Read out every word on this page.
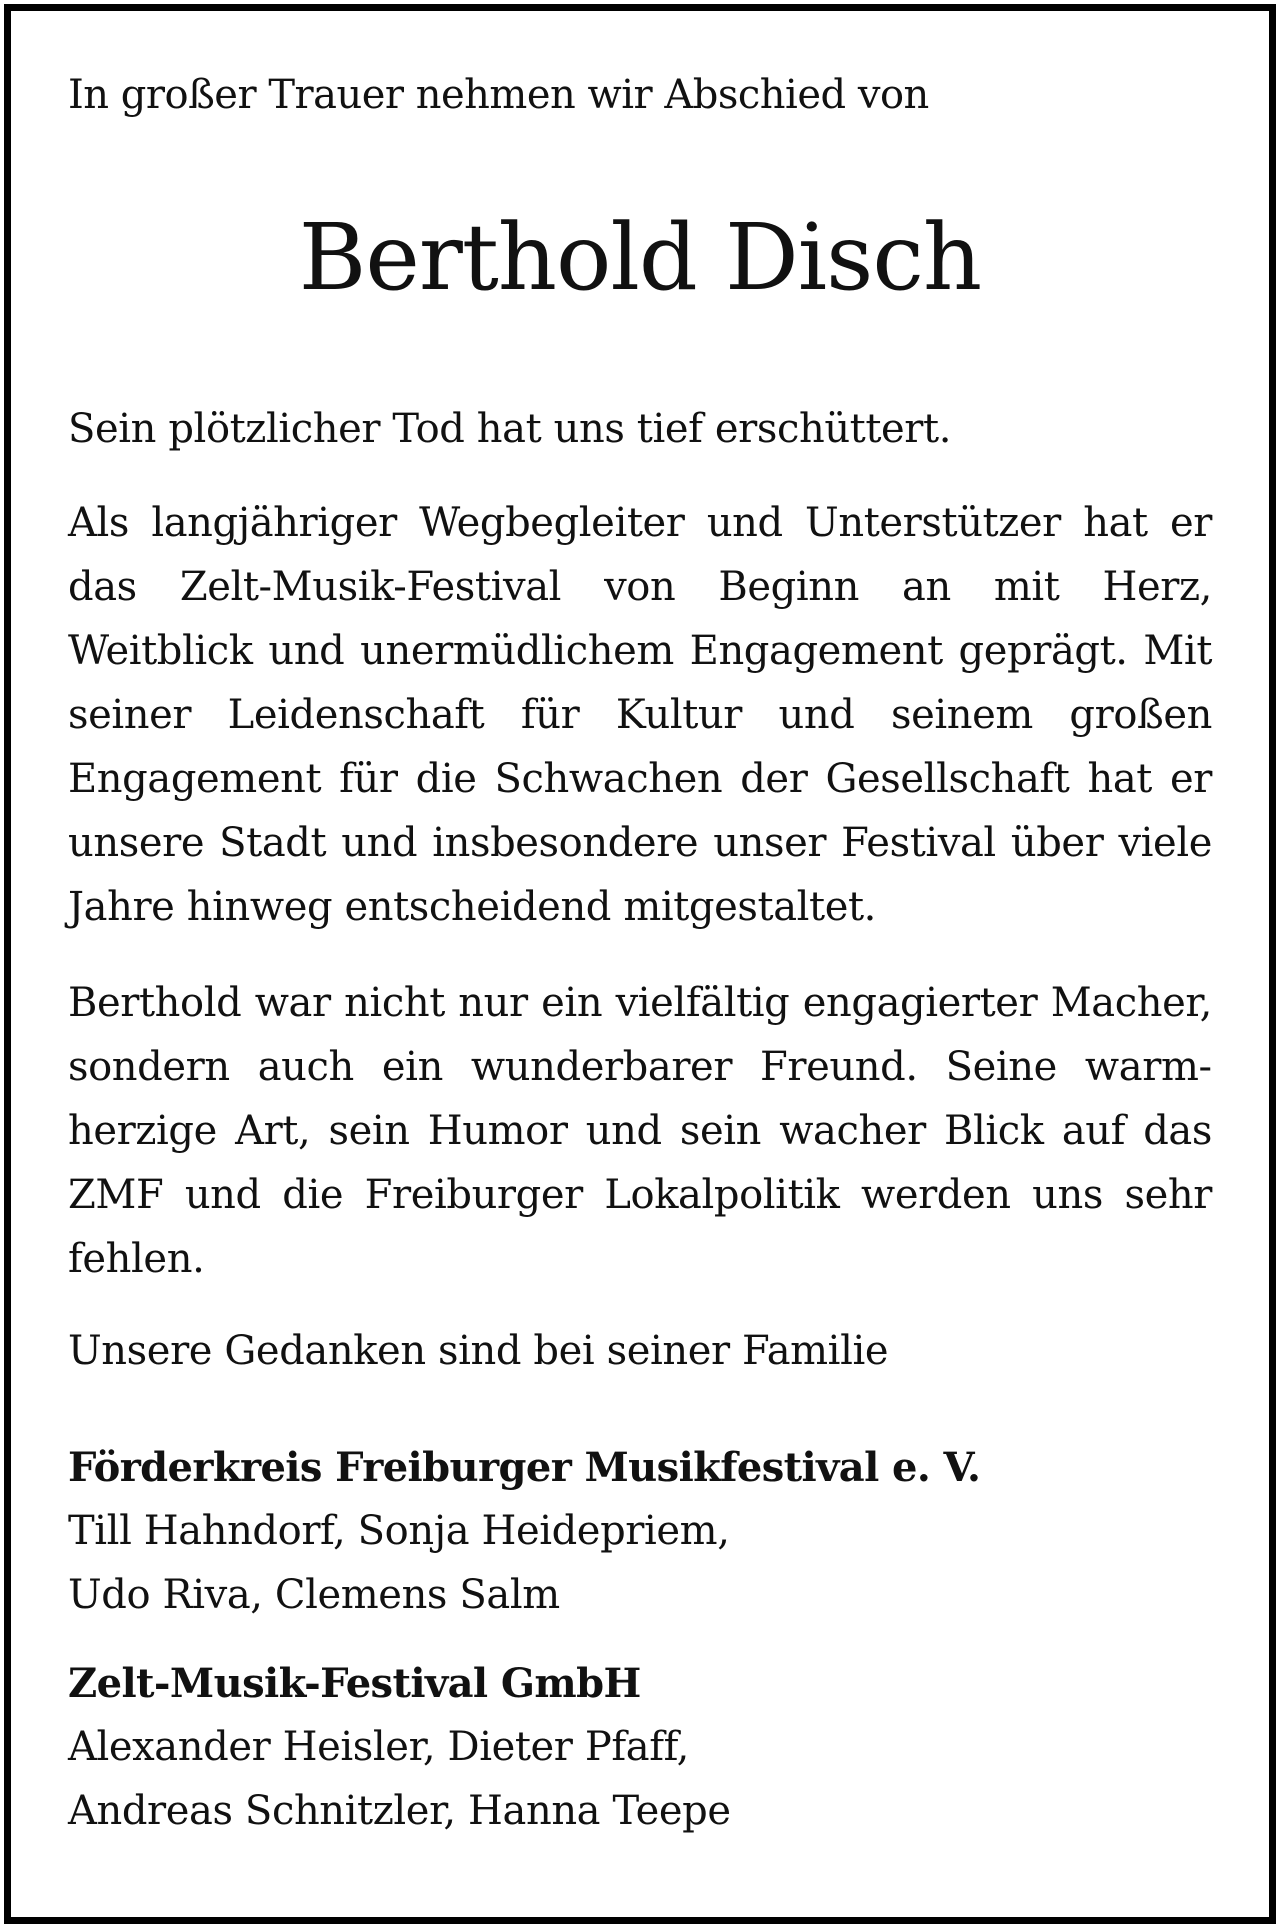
In großer Trauer nehmen wir Abschied von

Berthold Disch

Sein plötzlicher Tod hat uns tief erschüttert.

Als langjähriger Wegbegleiter und Unterstützer hat er das Zelt-Musik-Festival von Beginn an mit Herz, Weitblick und unermüdlichem Engagement geprägt. Mit seiner Leidenschaft für Kultur und seinem großen Engagement für die Schwachen der Gesellschaft hat er unsere Stadt und insbesondere unser Festival über viele Jahre hinweg entscheidend mitgestaltet.

Berthold war nicht nur ein vielfältig engagierter Macher, sondern auch ein wunderbarer Freund. Seine warmherzige Art, sein Humor und sein wacher Blick auf das ZMF und die Freiburger Lokalpolitik werden uns sehr fehlen.

Unsere Gedanken sind bei seiner Familie

Förderkreis Freiburger Musikfestival e. V.

Till Hahndorf, Sonja Heidepriem,

Udo Riva, Clemens Salm

Zelt-Musik-Festival GmbH

Alexander Heisler, Dieter Pfaff,

Andreas Schnitzler, Hanna Teepe
